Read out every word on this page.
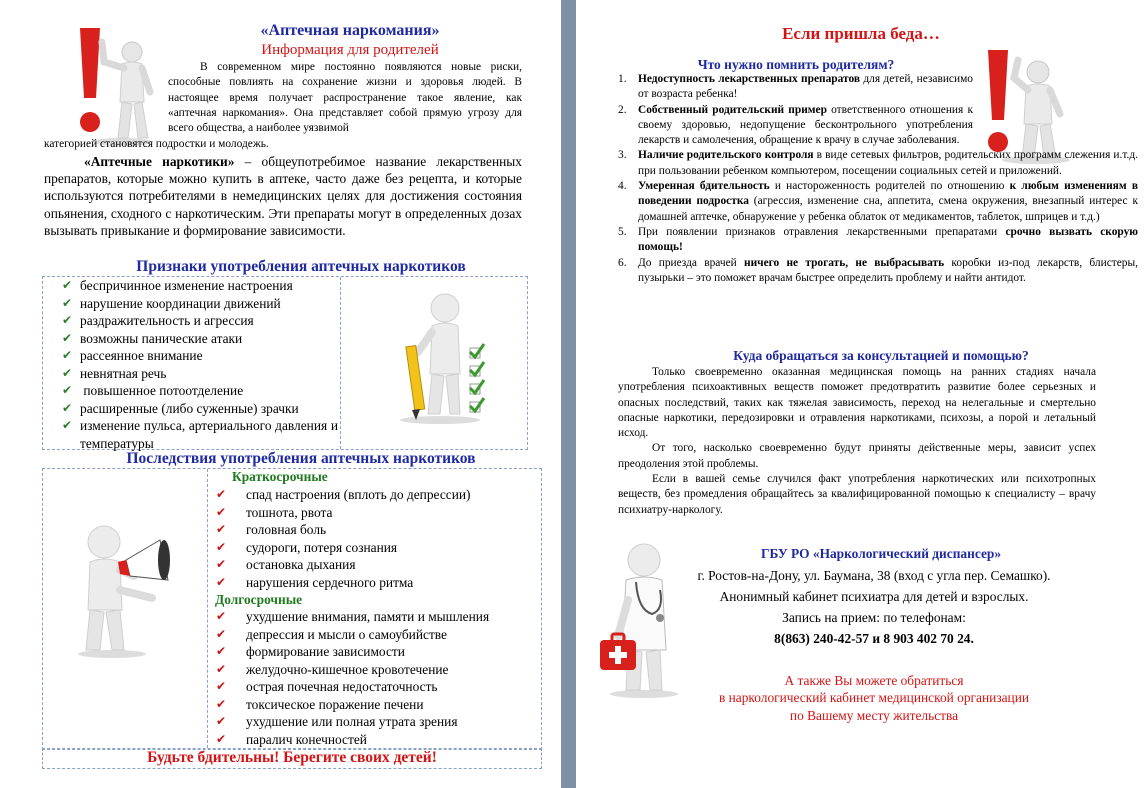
«Аптечная наркомания»
Информация для родителей
В современном мире постоянно появляются новые риски, способные повлиять на сохранение жизни и здоровья людей. В настоящее время получает распространение такое явление, как «аптечная наркомания». Она представляет собой прямую угрозу для всего общества, а наиболее уязвимой
категорией становятся подростки и молодежь.

«Аптечные наркотики» – общеупотребимое название лекарственных препаратов, которые можно купить в аптеке, часто даже без рецепта, и которые используются потребителями в немедицинских целях для достижения состояния опьянения, сходного с наркотическим. Эти препараты могут в определенных дозах вызывать привыкание и формирование зависимости.

Признаки употребления аптечных наркотиков
✔ беспричинное изменение настроения
✔ нарушение координации движений
✔ раздражительность и агрессия
✔ возможны панические атаки
✔ рассеянное внимание
✔ невнятная речь
✔ повышенное потоотделение
✔ расширенные (либо суженные) зрачки
✔ изменение пульса, артериального давления и температуры
Последствия употребления аптечных наркотиков
Краткосрочные
✔	спад настроения (вплоть до депрессии)
✔	тошнота, рвота
✔	головная боль
✔	судороги, потеря сознания
✔	остановка дыхания
✔	нарушения сердечного ритма
Долгосрочные
✔	ухудшение внимания, памяти и мышления
✔	депрессия и мысли о самоубийстве
✔	формирование зависимости
✔	желудочно-кишечное кровотечение
✔	острая почечная недостаточность
✔	токсическое поражение печени
✔	ухудшение или полная утрата зрения
✔	паралич конечностей
Будьте бдительны! Берегите своих детей!
Если пришла беда…
Что нужно помнить родителям?
1. Недоступность лекарственных препаратов для детей, независимо от возраста ребенка!
2. Собственный родительский пример ответственного отношения к своему здоровью, недопущение бесконтрольного употребления лекарств и самолечения, обращение к врачу в случае заболевания.
3. Наличие родительского контроля в виде сетевых фильтров, родительских программ слежения и.т.д. при пользовании ребенком компьютером, посещении социальных сетей и приложений.
4. Умеренная бдительность и настороженность родителей по отношению к любым изменениям в поведении подростка (агрессия, изменение сна, аппетита, смена окружения, внезапный интерес к домашней аптечке, обнаружение у ребенка облаток от медикаментов, таблеток, шприцев и т.д.)
5. При появлении признаков отравления лекарственными препаратами срочно вызвать скорую помощь!
6. До приезда врачей ничего не трогать, не выбрасывать коробки из-под лекарств, блистеры, пузырьки – это поможет врачам быстрее определить проблему и найти антидот.
Куда обращаться за консультацией и помощью?

Только своевременно оказанная медицинская помощь на ранних стадиях начала употребления психоактивных веществ поможет предотвратить развитие более серьезных и опасных последствий, таких как тяжелая зависимость, переход на нелегальные и смертельно опасные наркотики, передозировки и отравления наркотиками, психозы, а порой и летальный исход.

От того, насколько своевременно будут приняты действенные меры, зависит успех преодоления этой проблемы.

Если в вашей семье случился факт употребления наркотических или психотропных веществ, без промедления обращайтесь за квалифицированной помощью к специалисту – врачу психиатру-наркологу.

ГБУ РО «Наркологический диспансер»
г. Ростов-на-Дону, ул. Баумана, 38 (вход с угла пер. Семашко).
Анонимный кабинет психиатра для детей и взрослых.
Запись на прием: по телефонам:
8(863) 240-42-57 и 8 903 402 70 24.
А также Вы можете обратиться
в наркологический кабинет медицинской организации
по Вашему месту жительства
